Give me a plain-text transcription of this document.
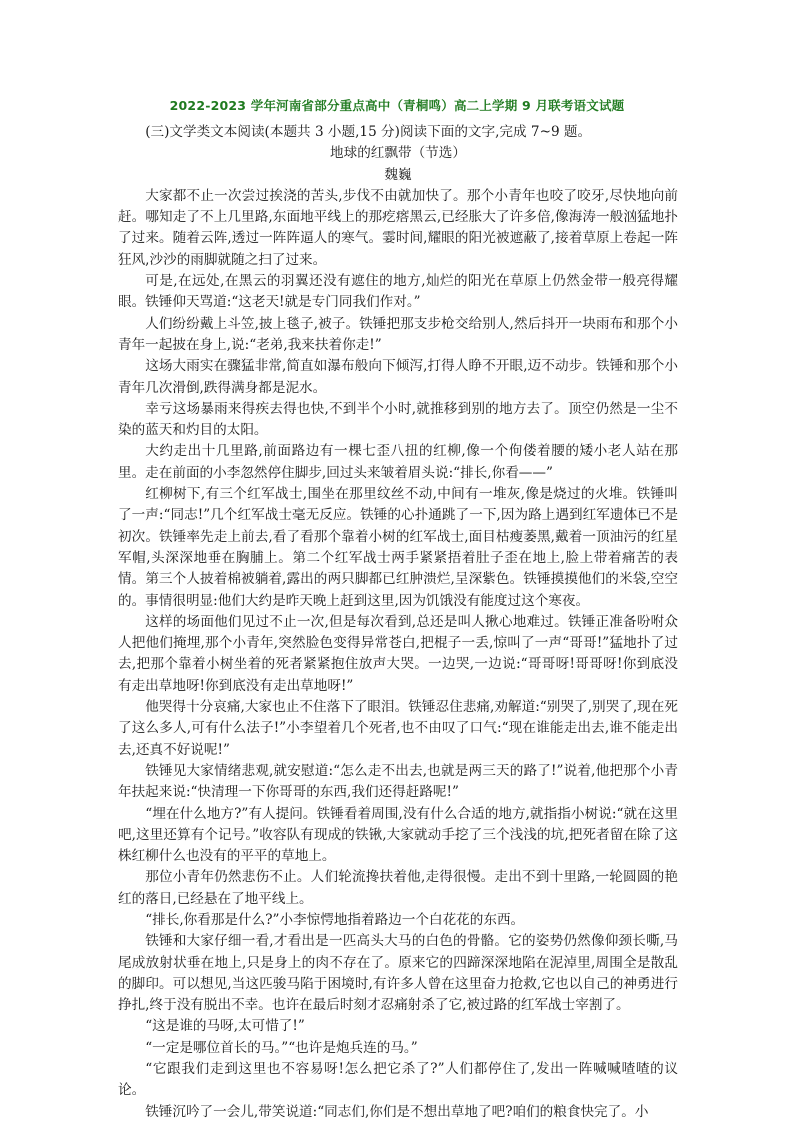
2022-2023 学年河南省部分重点高中（青桐鸣）高二上学期 9 月联考语文试题

(三)文学类文本阅读(本题共 3 小题,15 分)阅读下面的文字,完成 7~9 题。

地球的红飘带（节选）

魏巍

大家都不止一次尝过挨浇的苦头,步伐不由就加快了。那个小青年也咬了咬牙,尽快地向前赶。哪知走了不上几里路,东面地平线上的那疙瘩黑云,已经胀大了许多倍,像海涛一般汹猛地扑了过来。随着云阵,透过一阵阵逼人的寒气。霎时间,耀眼的阳光被遮蔽了,接着草原上卷起一阵狂风,沙沙的雨脚就随之扫了过来。

可是,在远处,在黑云的羽翼还没有遮住的地方,灿烂的阳光在草原上仍然金带一般亮得耀眼。铁锤仰天骂道:“这老天!就是专门同我们作对。”

人们纷纷戴上斗笠,披上毯子,被子。铁锤把那支步枪交给别人,然后抖开一块雨布和那个小青年一起披在身上,说:“老弟,我来扶着你走!”

这场大雨实在骤猛非常,简直如瀑布般向下倾泻,打得人睁不开眼,迈不动步。铁锤和那个小青年几次滑倒,跌得满身都是泥水。

幸亏这场暴雨来得疾去得也快,不到半个小时,就推移到别的地方去了。顶空仍然是一尘不染的蓝天和灼目的太阳。

大约走出十几里路,前面路边有一棵七歪八扭的红柳,像一个佝偻着腰的矮小老人站在那里。走在前面的小李忽然停住脚步,回过头来皱着眉头说:“排长,你看——”

红柳树下,有三个红军战士,围坐在那里纹丝不动,中间有一堆灰,像是烧过的火堆。铁锤叫了一声:“同志!”几个红军战士毫无反应。铁锤的心扑通跳了一下,因为路上遇到红军遗体已不是初次。铁锤率先走上前去,看了看那个靠着小树的红军战士,面目枯瘦萎黑,戴着一顶油污的红星军帽,头深深地垂在胸脯上。第二个红军战士两手紧紧捂着肚子歪在地上,脸上带着痛苦的表情。第三个人披着棉被躺着,露出的两只脚都已红肿溃烂,呈深紫色。铁锤摸摸他们的米袋,空空的。事情很明显:他们大约是昨天晚上赶到这里,因为饥饿没有能度过这个寒夜。

这样的场面他们见过不止一次,但是每次看到,总还是叫人揪心地难过。铁锤正准备吩咐众人把他们掩埋,那个小青年,突然脸色变得异常苍白,把棍子一丢,惊叫了一声“哥哥!”猛地扑了过去,把那个靠着小树坐着的死者紧紧抱住放声大哭。一边哭,一边说:“哥哥呀!哥哥呀!你到底没有走出草地呀!你到底没有走出草地呀!”

他哭得十分哀痛,大家也止不住落下了眼泪。铁锤忍住悲痛,劝解道:“别哭了,别哭了,现在死了这么多人,可有什么法子!”小李望着几个死者,也不由叹了口气:“现在谁能走出去,谁不能走出去,还真不好说呢!”

铁锤见大家情绪悲观,就安慰道:“怎么走不出去,也就是两三天的路了!”说着,他把那个小青年扶起来说:“快清理一下你哥哥的东西,我们还得赶路呢!”

“埋在什么地方?”有人提问。铁锤看着周围,没有什么合适的地方,就指指小树说:“就在这里吧,这里还算有个记号。”收容队有现成的铁锹,大家就动手挖了三个浅浅的坑,把死者留在除了这株红柳什么也没有的平平的草地上。

那位小青年仍然悲伤不止。人们轮流搀扶着他,走得很慢。走出不到十里路,一轮圆圆的艳红的落日,已经悬在了地平线上。

“排长,你看那是什么?”小李惊愕地指着路边一个白花花的东西。

铁锤和大家仔细一看,才看出是一匹高头大马的白色的骨骼。它的姿势仍然像仰颈长嘶,马尾成放射状垂在地上,只是身上的肉不存在了。原来它的四蹄深深地陷在泥淖里,周围全是散乱的脚印。可以想见,当这匹骏马陷于困境时,有许多人曾在这里奋力抢救,它也以自己的神勇进行挣扎,终于没有脱出不幸。也许在最后时刻才忍痛射杀了它,被过路的红军战士宰割了。

“这是谁的马呀,太可惜了!”

“一定是哪位首长的马。”“也许是炮兵连的马。”

“它跟我们走到这里也不容易呀!怎么把它杀了?”人们都停住了,发出一阵喊喊喳喳的议论。

铁锤沉吟了一会儿,带笑说道:“同志们,你们是不想出草地了吧?咱们的粮食快完了。小
